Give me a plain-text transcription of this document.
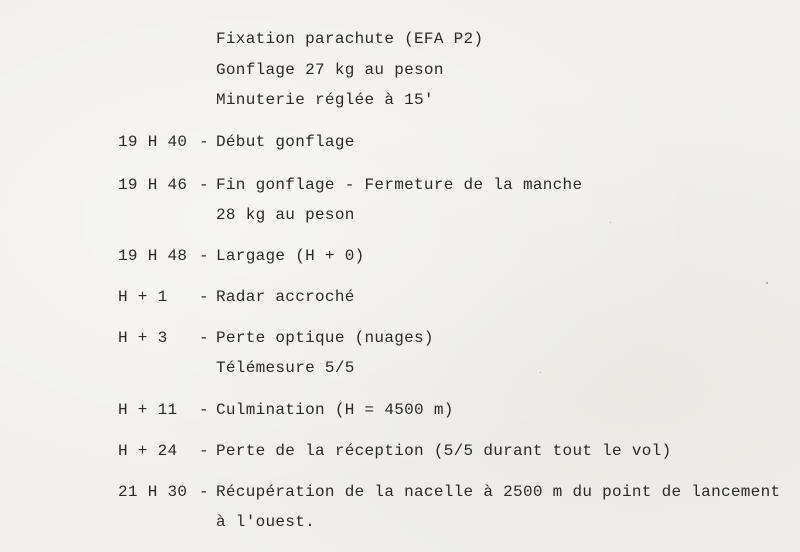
Fixation parachute (EFA P2)
Gonflage 27 kg au peson
Minuterie réglée à 15'
19 H 40 - Début gonflage
19 H 46 - Fin gonflage - Fermeture de la manche
28 kg au peson
19 H 48 - Largage (H + 0)
H + 1 - Radar accroché
H + 3 - Perte optique (nuages)
Télémesure 5/5
H + 11 - Culmination (H = 4500 m)
H + 24 - Perte de la réception (5/5 durant tout le vol)
21 H 30 - Récupération de la nacelle à 2500 m du point de lancement
à l'ouest.
